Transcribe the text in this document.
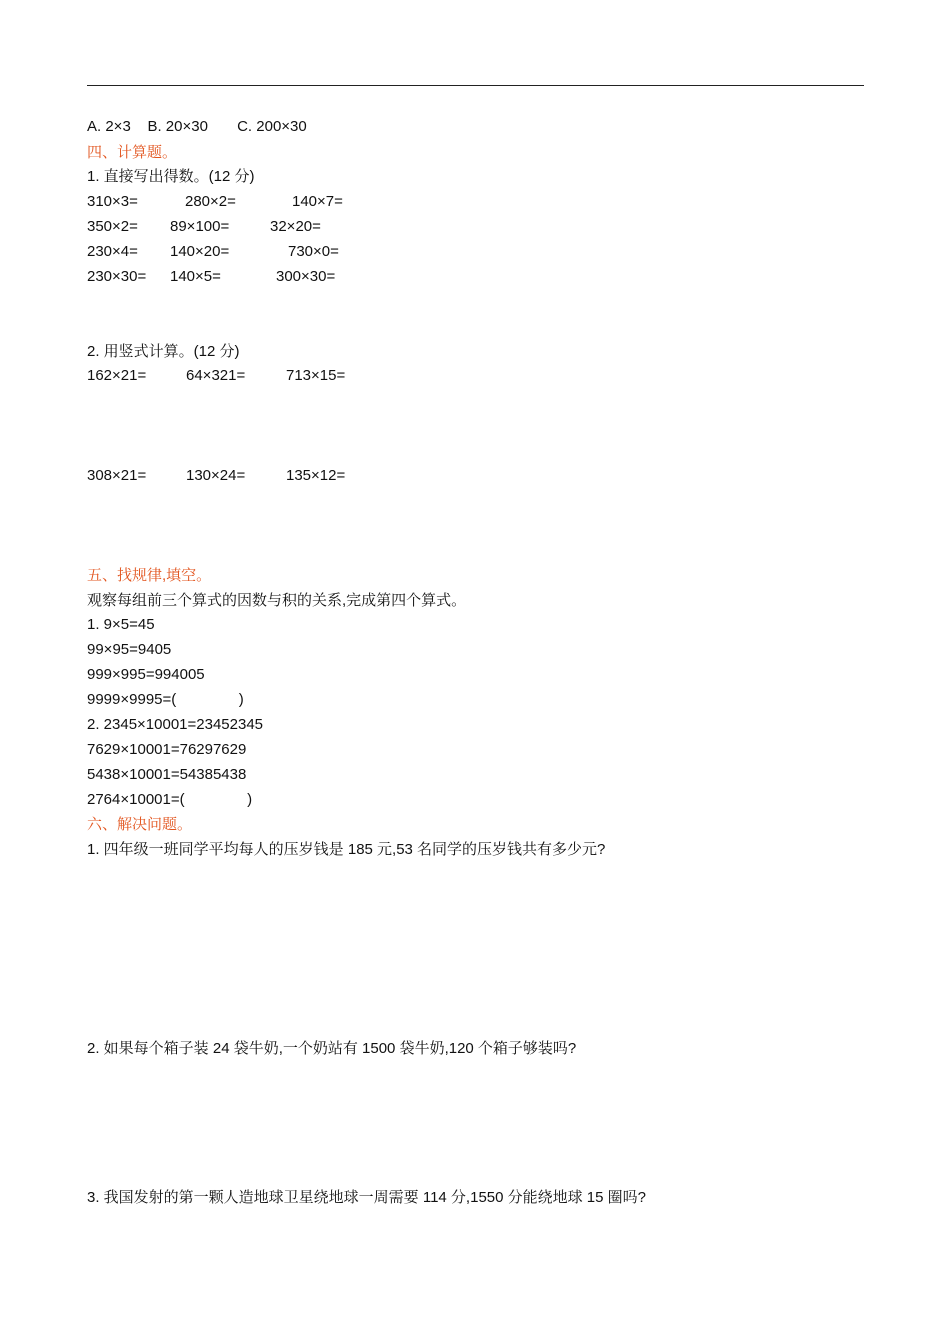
A. 2×3    B. 20×30       C. 200×30
四、计算题。
1. 直接写出得数。(12 分)
310×3=	280×2=	140×7=
350×2= 89×100=	32×20=
230×4= 140×20=	730×0=
230×30= 140×5=	300×30=
2. 用竖式计算。(12 分)
162×21=	64×321=	713×15=
308×21=	130×24=	135×12=
五、找规律,填空。
观察每组前三个算式的因数与积的关系,完成第四个算式。
1. 9×5=45
99×95=9405
999×995=994005
9999×9995=(               )
2. 2345×10001=23452345
7629×10001=76297629
5438×10001=54385438
2764×10001=(               )
六、解决问题。
1. 四年级一班同学平均每人的压岁钱是 185 元,53 名同学的压岁钱共有多少元?
2. 如果每个箱子装 24 袋牛奶,一个奶站有 1500 袋牛奶,120 个箱子够装吗?
3. 我国发射的第一颗人造地球卫星绕地球一周需要 114 分,1550 分能绕地球 15 圈吗?
